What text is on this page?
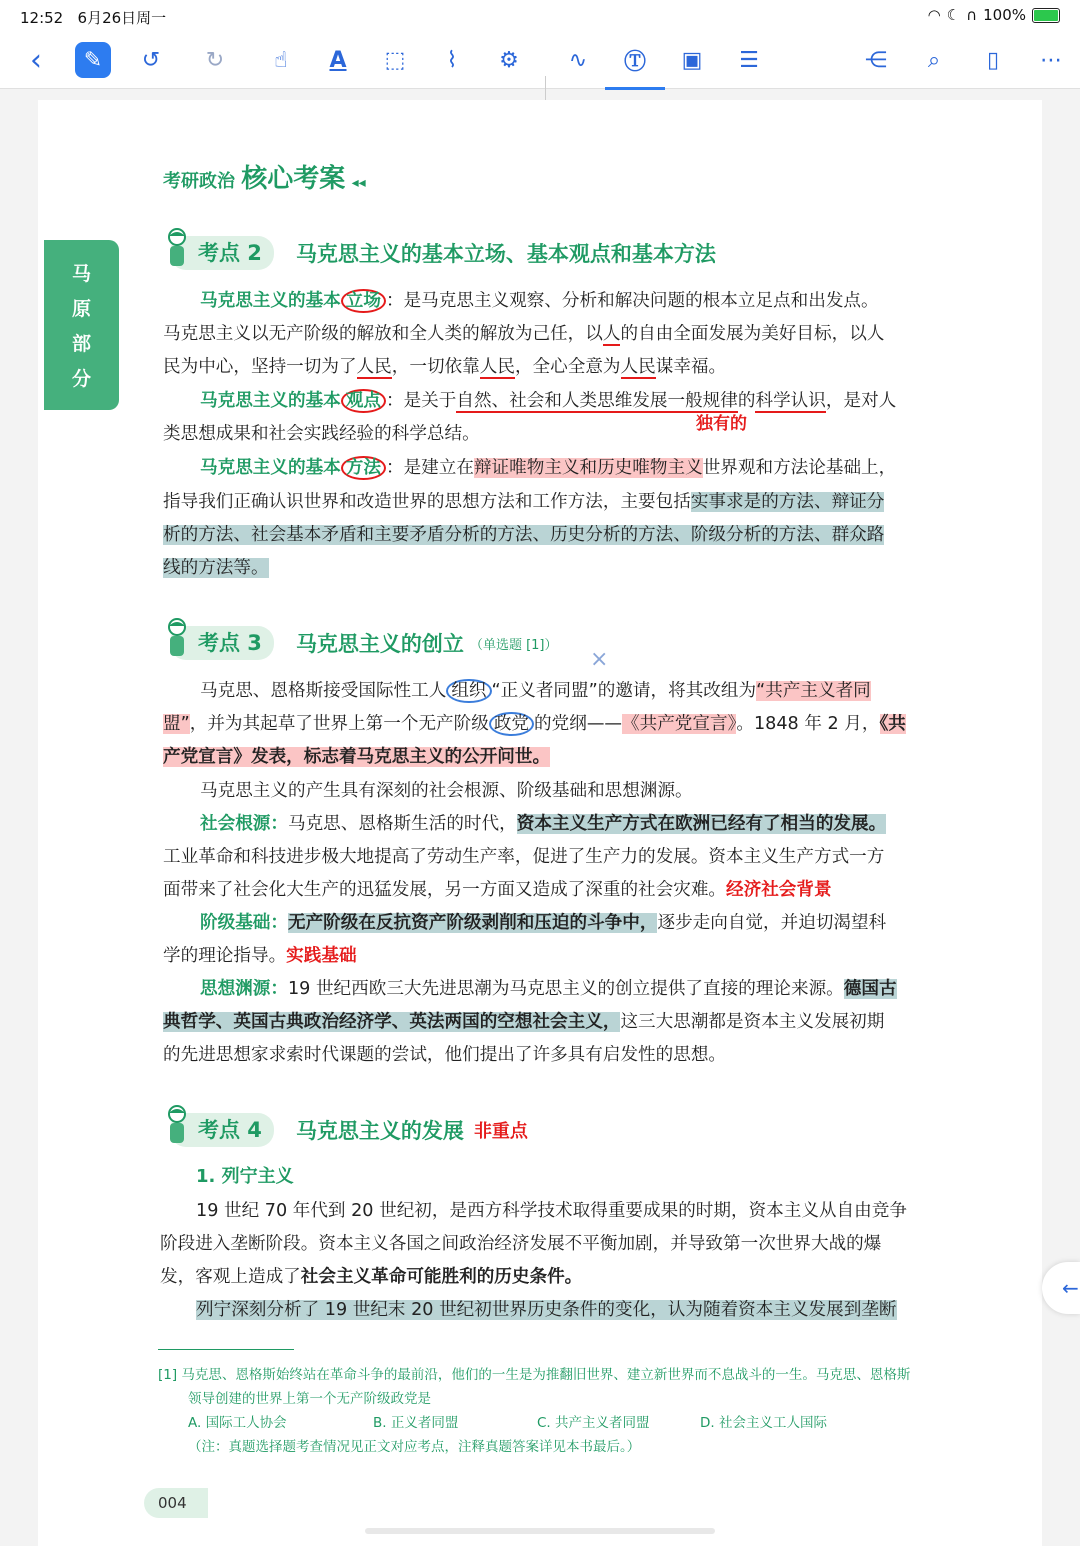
12:52 6月26日周一	◠ ☾ ∩ 100%
‹	✎	↺	↻	☝	A	⬚	⌇	⚙	∿	Ⓣ	▣	☰	⋲	⌕	▯	⋯
考研政治 核心考案 ◂◂
马
原
部
分
考点 2	马克思主义的基本立场、基本观点和基本方法
马克思主义的基本 立场 ：是马克思主义观察、分析和解决问题的根本立足点和出发点。
马克思主义以无产阶级的解放和全人类的解放为己任，以人的自由全面发展为美好目标，以人
民为中心，坚持一切为了人民，一切依靠人民，全心全意为人民谋幸福。
马克思主义的基本 观点 ：是关于自然、社会和人类思维发展一般规律的科学认识，是对人
类思想成果和社会实践经验的科学总结。	独有的
马克思主义的基本 方法 ：是建立在辩证唯物主义和历史唯物主义世界观和方法论基础上，
指导我们正确认识世界和改造世界的思想方法和工作方法，主要包括实事求是的方法、辩证分
析的方法、社会基本矛盾和主要矛盾分析的方法、历史分析的方法、阶级分析的方法、群众路
线的方法等。
考点 3	马克思主义的创立 （单选题 [1]）
×
马克思、恩格斯接受国际性工人 组织 “正义者同盟”的邀请，将其改组为“共产主义者同
盟”，并为其起草了世界上第一个无产阶级 政党 的党纲——《共产党宣言》。1848 年 2 月，《共
产党宣言》发表，标志着马克思主义的公开问世。
马克思主义的产生具有深刻的社会根源、阶级基础和思想渊源。
社会根源：马克思、恩格斯生活的时代，资本主义生产方式在欧洲已经有了相当的发展。
工业革命和科技进步极大地提高了劳动生产率，促进了生产力的发展。资本主义生产方式一方
面带来了社会化大生产的迅猛发展，另一方面又造成了深重的社会灾难。经济社会背景
阶级基础：无产阶级在反抗资产阶级剥削和压迫的斗争中，逐步走向自觉，并迫切渴望科
学的理论指导。实践基础
思想渊源：19 世纪西欧三大先进思潮为马克思主义的创立提供了直接的理论来源。德国古
典哲学、英国古典政治经济学、英法两国的空想社会主义，这三大思潮都是资本主义发展初期
的先进思想家求索时代课题的尝试，他们提出了许多具有启发性的思想。
考点 4	马克思主义的发展 非重点
1. 列宁主义
19 世纪 70 年代到 20 世纪初，是西方科学技术取得重要成果的时期，资本主义从自由竞争
阶段进入垄断阶段。资本主义各国之间政治经济发展不平衡加剧，并导致第一次世界大战的爆
发，客观上造成了社会主义革命可能胜利的历史条件。
列宁深刻分析了 19 世纪末 20 世纪初世界历史条件的变化，认为随着资本主义发展到垄断
[1] 马克思、恩格斯始终站在革命斗争的最前沿，他们的一生是为推翻旧世界、建立新世界而不息战斗的一生。马克思、恩格斯
领导创建的世界上第一个无产阶级政党是
A. 国际工人协会	B. 正义者同盟	C. 共产主义者同盟	D. 社会主义工人国际
（注：真题选择题考查情况见正文对应考点，注释真题答案详见本书最后。）
004
←
